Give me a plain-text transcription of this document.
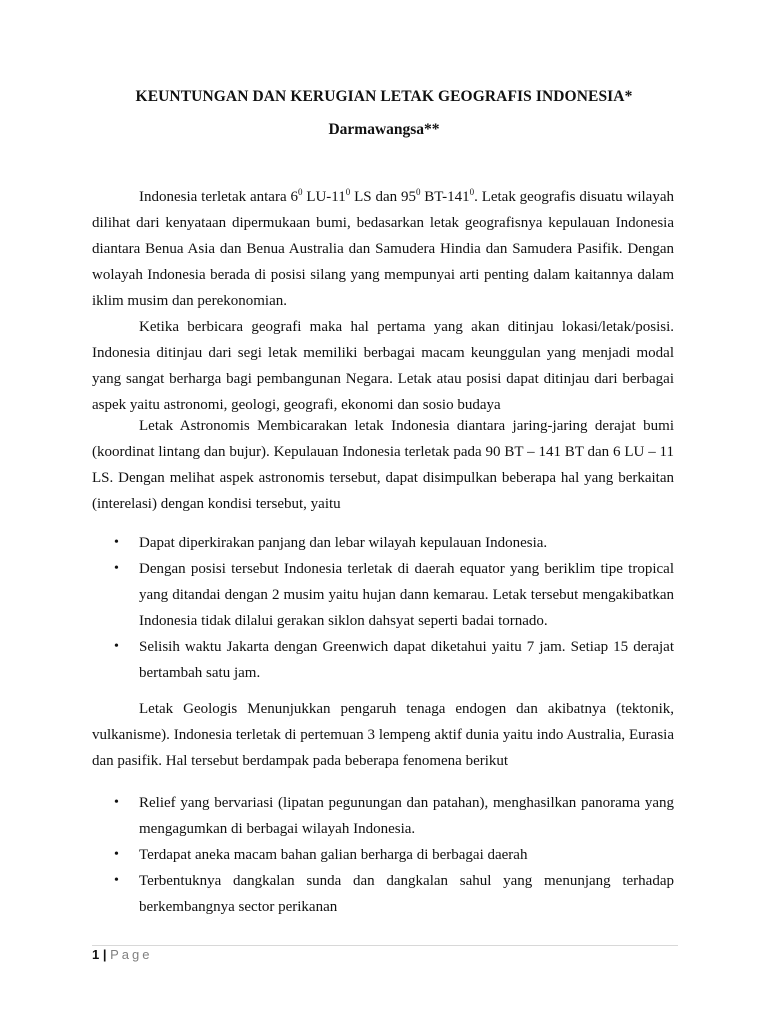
KEUNTUNGAN DAN KERUGIAN LETAK GEOGRAFIS INDONESIA*
Darmawangsa**

Indonesia terletak antara $6^0$ $LU-11^0$ LS dan $95^0$ $BT-141^0$. Letak geografis disuatu wilayah dilihat dari kenyataan dipermukaan bumi, bedasarkan letak geografisnya kepulauan Indonesia diantara Benua Asia dan Benua Australia dan Samudera Hindia dan Samudera Pasifik. Dengan wolayah Indonesia berada di posisi silang yang mempunyai arti penting dalam kaitannya dalam iklim musim dan perekonomian.

Ketika berbicara geografi maka hal pertama yang akan ditinjau lokasi/letak/posisi. Indonesia ditinjau dari segi letak memiliki berbagai macam keunggulan yang menjadi modal yang sangat berharga bagi pembangunan Negara. Letak atau posisi dapat ditinjau dari berbagai aspek yaitu astronomi, geologi, geografi, ekonomi dan sosio budaya

Letak Astronomis Membicarakan letak Indonesia diantara jaring-jaring derajat bumi (koordinat lintang dan bujur). Kepulauan Indonesia terletak pada 90 BT – 141 BT dan 6 LU – 11 LS. Dengan melihat aspek astronomis tersebut, dapat disimpulkan beberapa hal yang berkaitan (interelasi) dengan kondisi tersebut, yaitu

• Dapat diperkirakan panjang dan lebar wilayah kepulauan Indonesia.
• Dengan posisi tersebut Indonesia terletak di daerah equator yang beriklim tipe tropical yang ditandai dengan 2 musim yaitu hujan dann kemarau. Letak tersebut mengakibatkan Indonesia tidak dilalui gerakan siklon dahsyat seperti badai tornado.
• Selisih waktu Jakarta dengan Greenwich dapat diketahui yaitu 7 jam. Setiap 15 derajat bertambah satu jam.

Letak Geologis Menunjukkan pengaruh tenaga endogen dan akibatnya (tektonik, vulkanisme). Indonesia terletak di pertemuan 3 lempeng aktif dunia yaitu indo Australia, Eurasia dan pasifik. Hal tersebut berdampak pada beberapa fenomena berikut

• Relief yang bervariasi (lipatan pegunungan dan patahan), menghasilkan panorama yang mengagumkan di berbagai wilayah Indonesia.
• Terdapat aneka macam bahan galian berharga di berbagai daerah
• Terbentuknya dangkalan sunda dan dangkalan sahul yang menunjang terhadap berkembangnya sector perikanan
1 | Page
